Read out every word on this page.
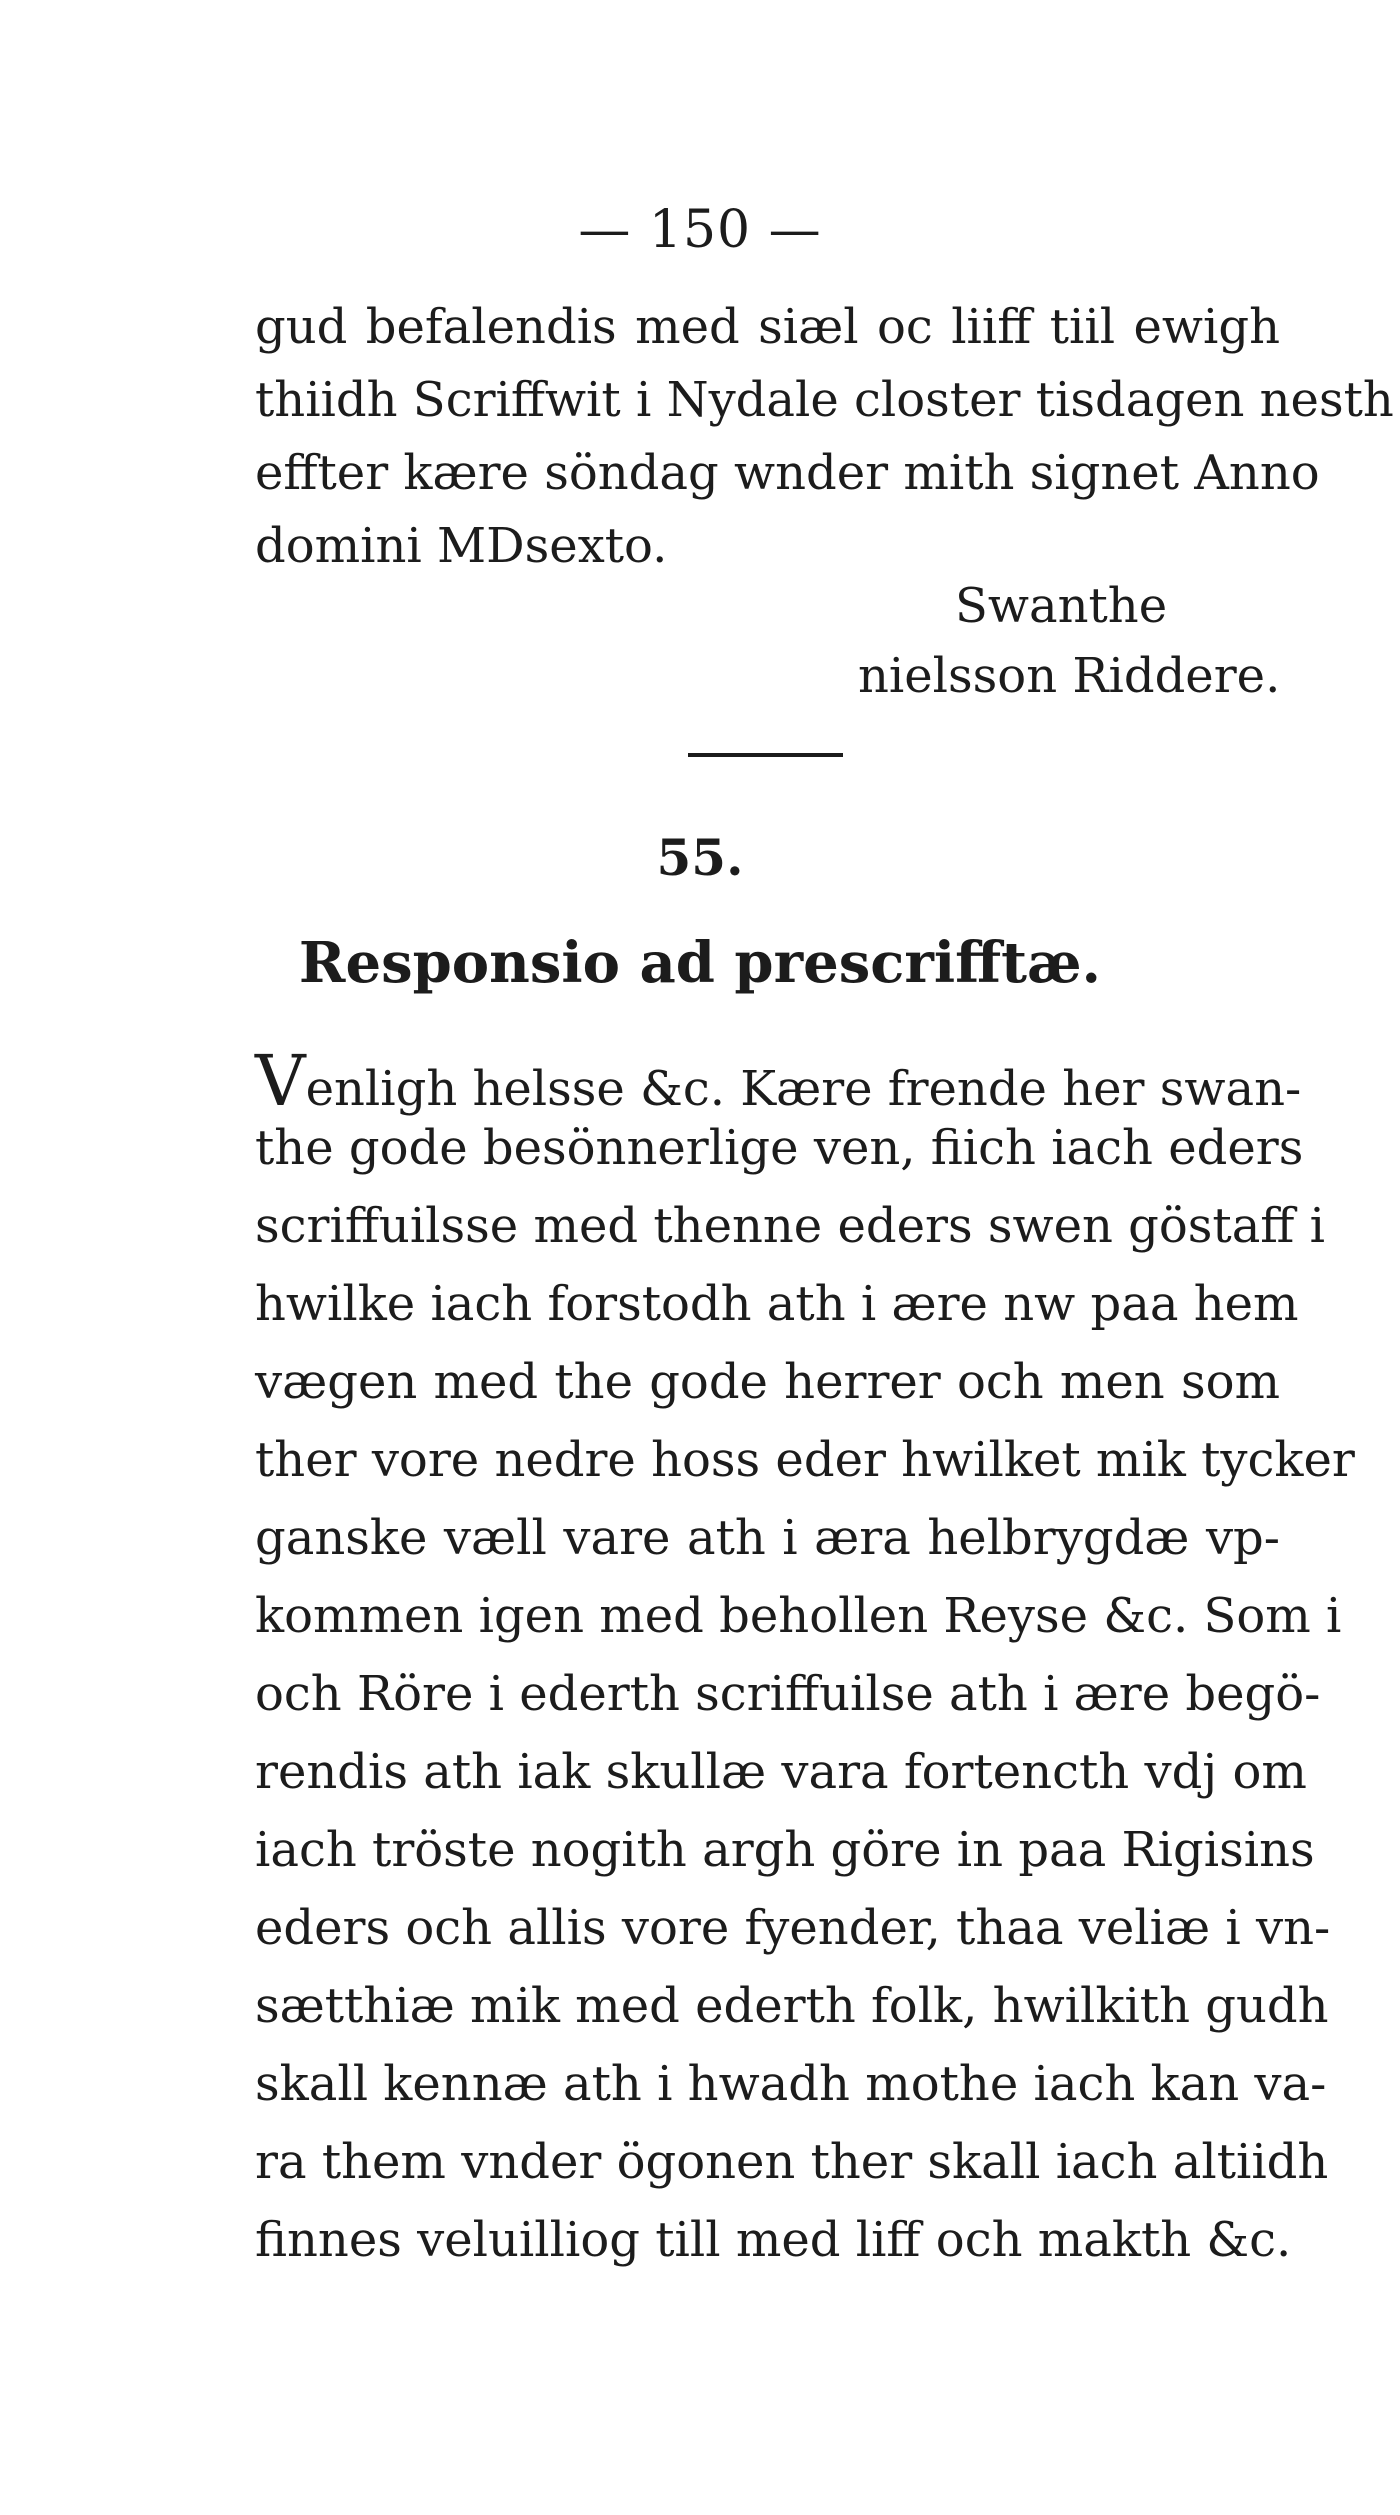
— 150 —
gud befalendis med siæl oc liiff tiil ewigh
thiidh Scriffwit i Nydale closter tisdagen nesth
effter kære söndag wnder mith signet Anno
domini MDsexto.
Swanthe
nielsson Riddere.
55.
Responsio ad prescrifftæ.
Venligh helsse &c. Kære frende her swan-
the gode besönnerlige ven, fiich iach eders
scriffuilsse med thenne eders swen göstaff i
hwilke iach forstodh ath i ære nw paa hem
vægen med the gode herrer och men som
ther vore nedre hoss eder hwilket mik tycker
ganske væll vare ath i æra helbrygdæ vp-
kommen igen med behollen Reyse &c. Som i
och Röre i ederth scriffuilse ath i ære begö-
rendis ath iak skullæ vara fortencth vdj om
iach tröste nogith argh göre in paa Rigisins
eders och allis vore fyender, thaa veliæ i vn-
sætthiæ mik med ederth folk, hwilkith gudh
skall kennæ ath i hwadh mothe iach kan va-
ra them vnder ögonen ther skall iach altiidh
finnes veluilliog till med liff och makth &c.
